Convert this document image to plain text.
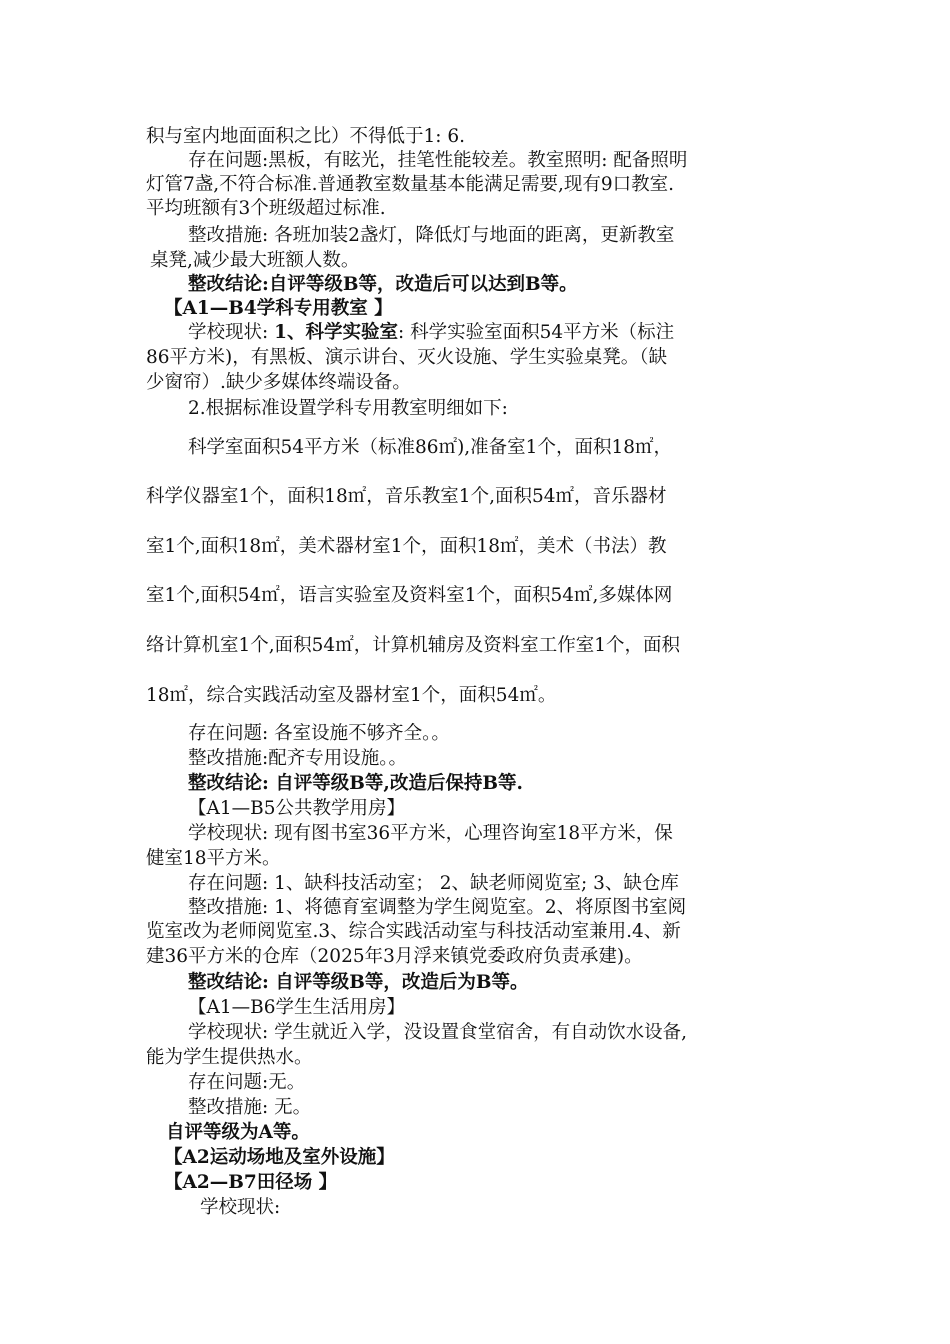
积与室内地面面积之比）不得低于1: 6.
存在问题:黑板，有眩光，挂笔性能较差。教室照明: 配备照明
灯管7盏,不符合标准.普通教室数量基本能满足需要,现有9口教室.
平均班额有3个班级超过标准.
整改措施: 各班加装2盏灯，降低灯与地面的距离，更新教室
桌凳,减少最大班额人数。
整改结论:自评等级B等，改造后可以达到B等。
【A1—B4学科专用教室 】
学校现状: 1、科学实验室: 科学实验室面积54平方米（标注
86平方米)，有黑板、演示讲台、灭火设施、学生实验桌凳。（缺
少窗帘）.缺少多媒体终端设备。
2.根据标准设置学科专用教室明细如下:
科学室面积54平方米（标准86㎡),准备室1个，面积18㎡，
科学仪器室1个，面积18㎡，音乐教室1个,面积54㎡，音乐器材
室1个,面积18㎡，美术器材室1个，面积18㎡，美术（书法）教
室1个,面积54㎡，语言实验室及资料室1个，面积54㎡,多媒体网
络计算机室1个,面积54㎡，计算机辅房及资料室工作室1个，面积
18㎡，综合实践活动室及器材室1个，面积54㎡。
存在问题: 各室设施不够齐全。。
整改措施:配齐专用设施。。
整改结论: 自评等级B等,改造后保持B等.
【A1—B5公共教学用房】
学校现状: 现有图书室36平方米，心理咨询室18平方米，保
健室18平方米。
存在问题: 1、缺科技活动室； 2、缺老师阅览室; 3、缺仓库
整改措施: 1、将德育室调整为学生阅览室。2、将原图书室阅
览室改为老师阅览室.3、综合实践活动室与科技活动室兼用.4、新
建36平方米的仓库（2025年3月浮来镇党委政府负责承建)。
整改结论: 自评等级B等，改造后为B等。
【A1—B6学生生活用房】
学校现状: 学生就近入学，没设置食堂宿舍，有自动饮水设备,
能为学生提供热水。
存在问题:无。
整改措施: 无。
自评等级为A等。
【A2运动场地及室外设施】
【A2—B7田径场 】
学校现状:
